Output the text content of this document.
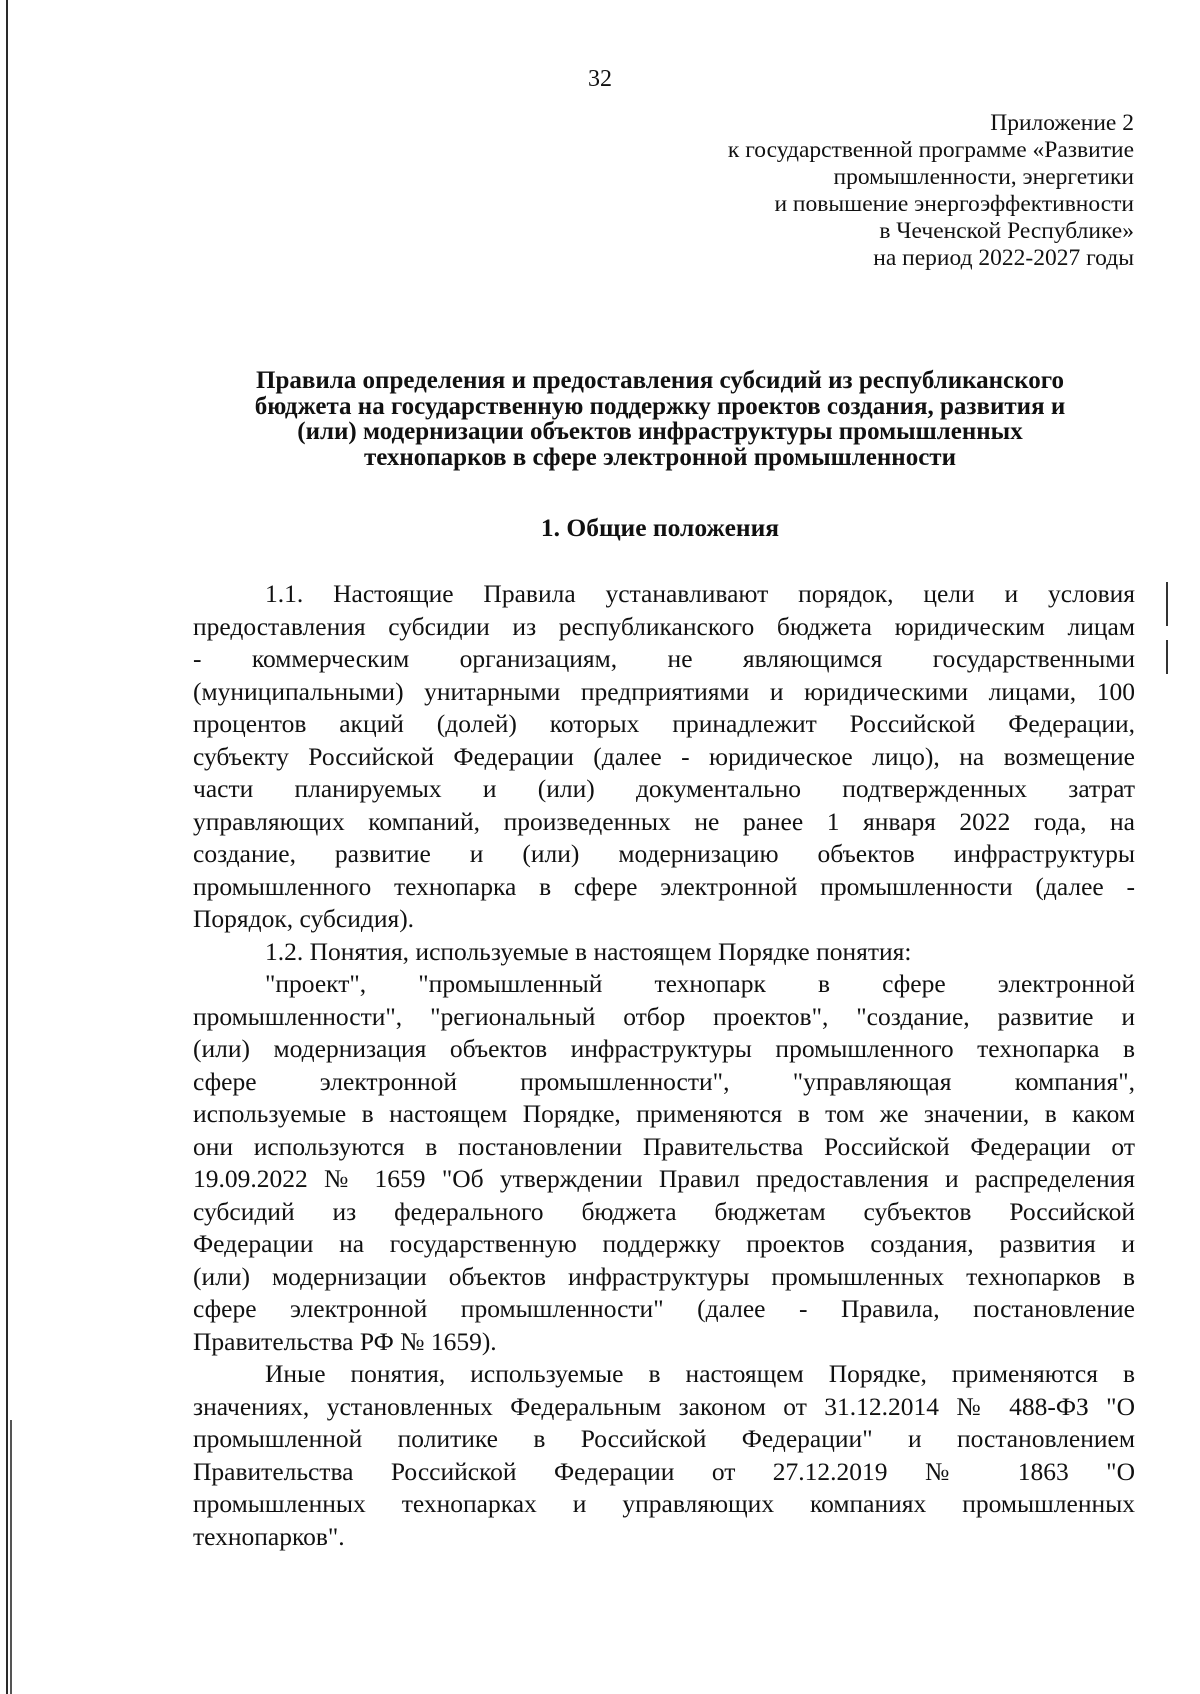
32
Приложение 2
к государственной программе «Развитие
промышленности, энергетики
и повышение энергоэффективности
в Чеченской Республике»
на период 2022-2027 годы
Правила определения и предоставления субсидий из республиканского
бюджета на государственную поддержку проектов создания, развития и
(или) модернизации объектов инфраструктуры промышленных
технопарков в сфере электронной промышленности
1. Общие положения
1.1. Настоящие Правила устанавливают порядок, цели и условия
предоставления субсидии из республиканского бюджета юридическим лицам
- коммерческим организациям, не являющимся государственными
(муниципальными) унитарными предприятиями и юридическими лицами, 100
процентов акций (долей) которых принадлежит Российской Федерации,
субъекту Российской Федерации (далее - юридическое лицо), на возмещение
части планируемых и (или) документально подтвержденных затрат
управляющих компаний, произведенных не ранее 1 января 2022 года, на
создание, развитие и (или) модернизацию объектов инфраструктуры
промышленного технопарка в сфере электронной промышленности (далее -
Порядок, субсидия).
1.2. Понятия, используемые в настоящем Порядке понятия:
"проект", "промышленный технопарк в сфере электронной
промышленности", "региональный отбор проектов", "создание, развитие и
(или) модернизация объектов инфраструктуры промышленного технопарка в
сфере электронной промышленности", "управляющая компания",
используемые в настоящем Порядке, применяются в том же значении, в каком
они используются в постановлении Правительства Российской Федерации от
19.09.2022 № 1659 "Об утверждении Правил предоставления и распределения
субсидий из федерального бюджета бюджетам субъектов Российской
Федерации на государственную поддержку проектов создания, развития и
(или) модернизации объектов инфраструктуры промышленных технопарков в
сфере электронной промышленности" (далее - Правила, постановление
Правительства РФ № 1659).
Иные понятия, используемые в настоящем Порядке, применяются в
значениях, установленных Федеральным законом от 31.12.2014 № 488-ФЗ "О
промышленной политике в Российской Федерации" и постановлением
Правительства Российской Федерации от 27.12.2019 № 1863 "О
промышленных технопарках и управляющих компаниях промышленных
технопарков".
